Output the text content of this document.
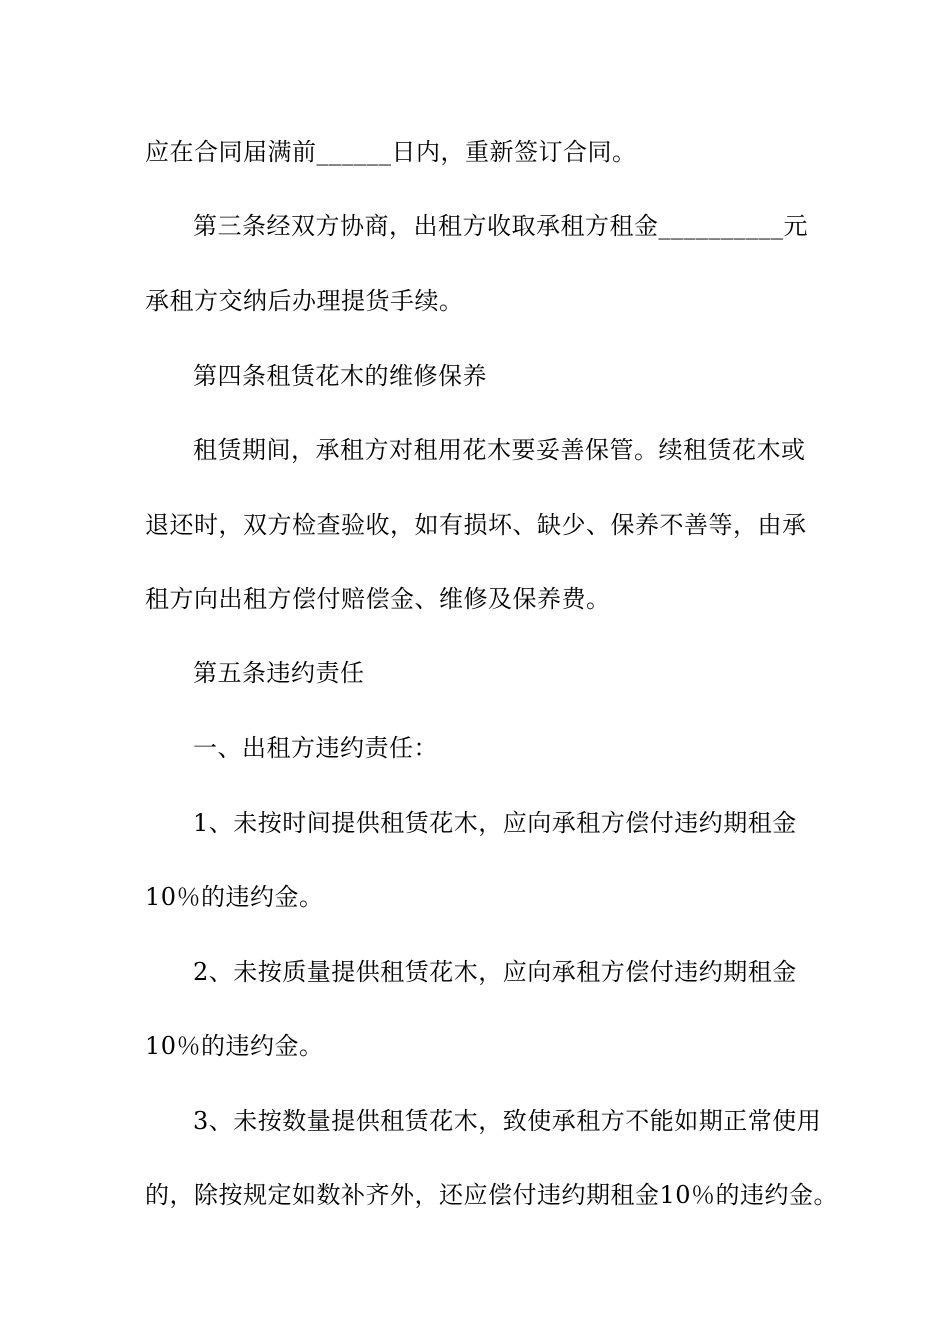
应在合同届满前______日内，重新签订合同。
第三条经双方协商，出租方收取承租方租金__________元
承租方交纳后办理提货手续。
第四条租赁花木的维修保养
租赁期间，承租方对租用花木要妥善保管。续租赁花木或
退还时，双方检查验收，如有损坏、缺少、保养不善等，由承
租方向出租方偿付赔偿金、维修及保养费。
第五条违约责任
一、出租方违约责任：
1、未按时间提供租赁花木，应向承租方偿付违约期租金
10％的违约金。
2、未按质量提供租赁花木，应向承租方偿付违约期租金
10％的违约金。
3、未按数量提供租赁花木，致使承租方不能如期正常使用
的，除按规定如数补齐外，还应偿付违约期租金10％的违约金。
